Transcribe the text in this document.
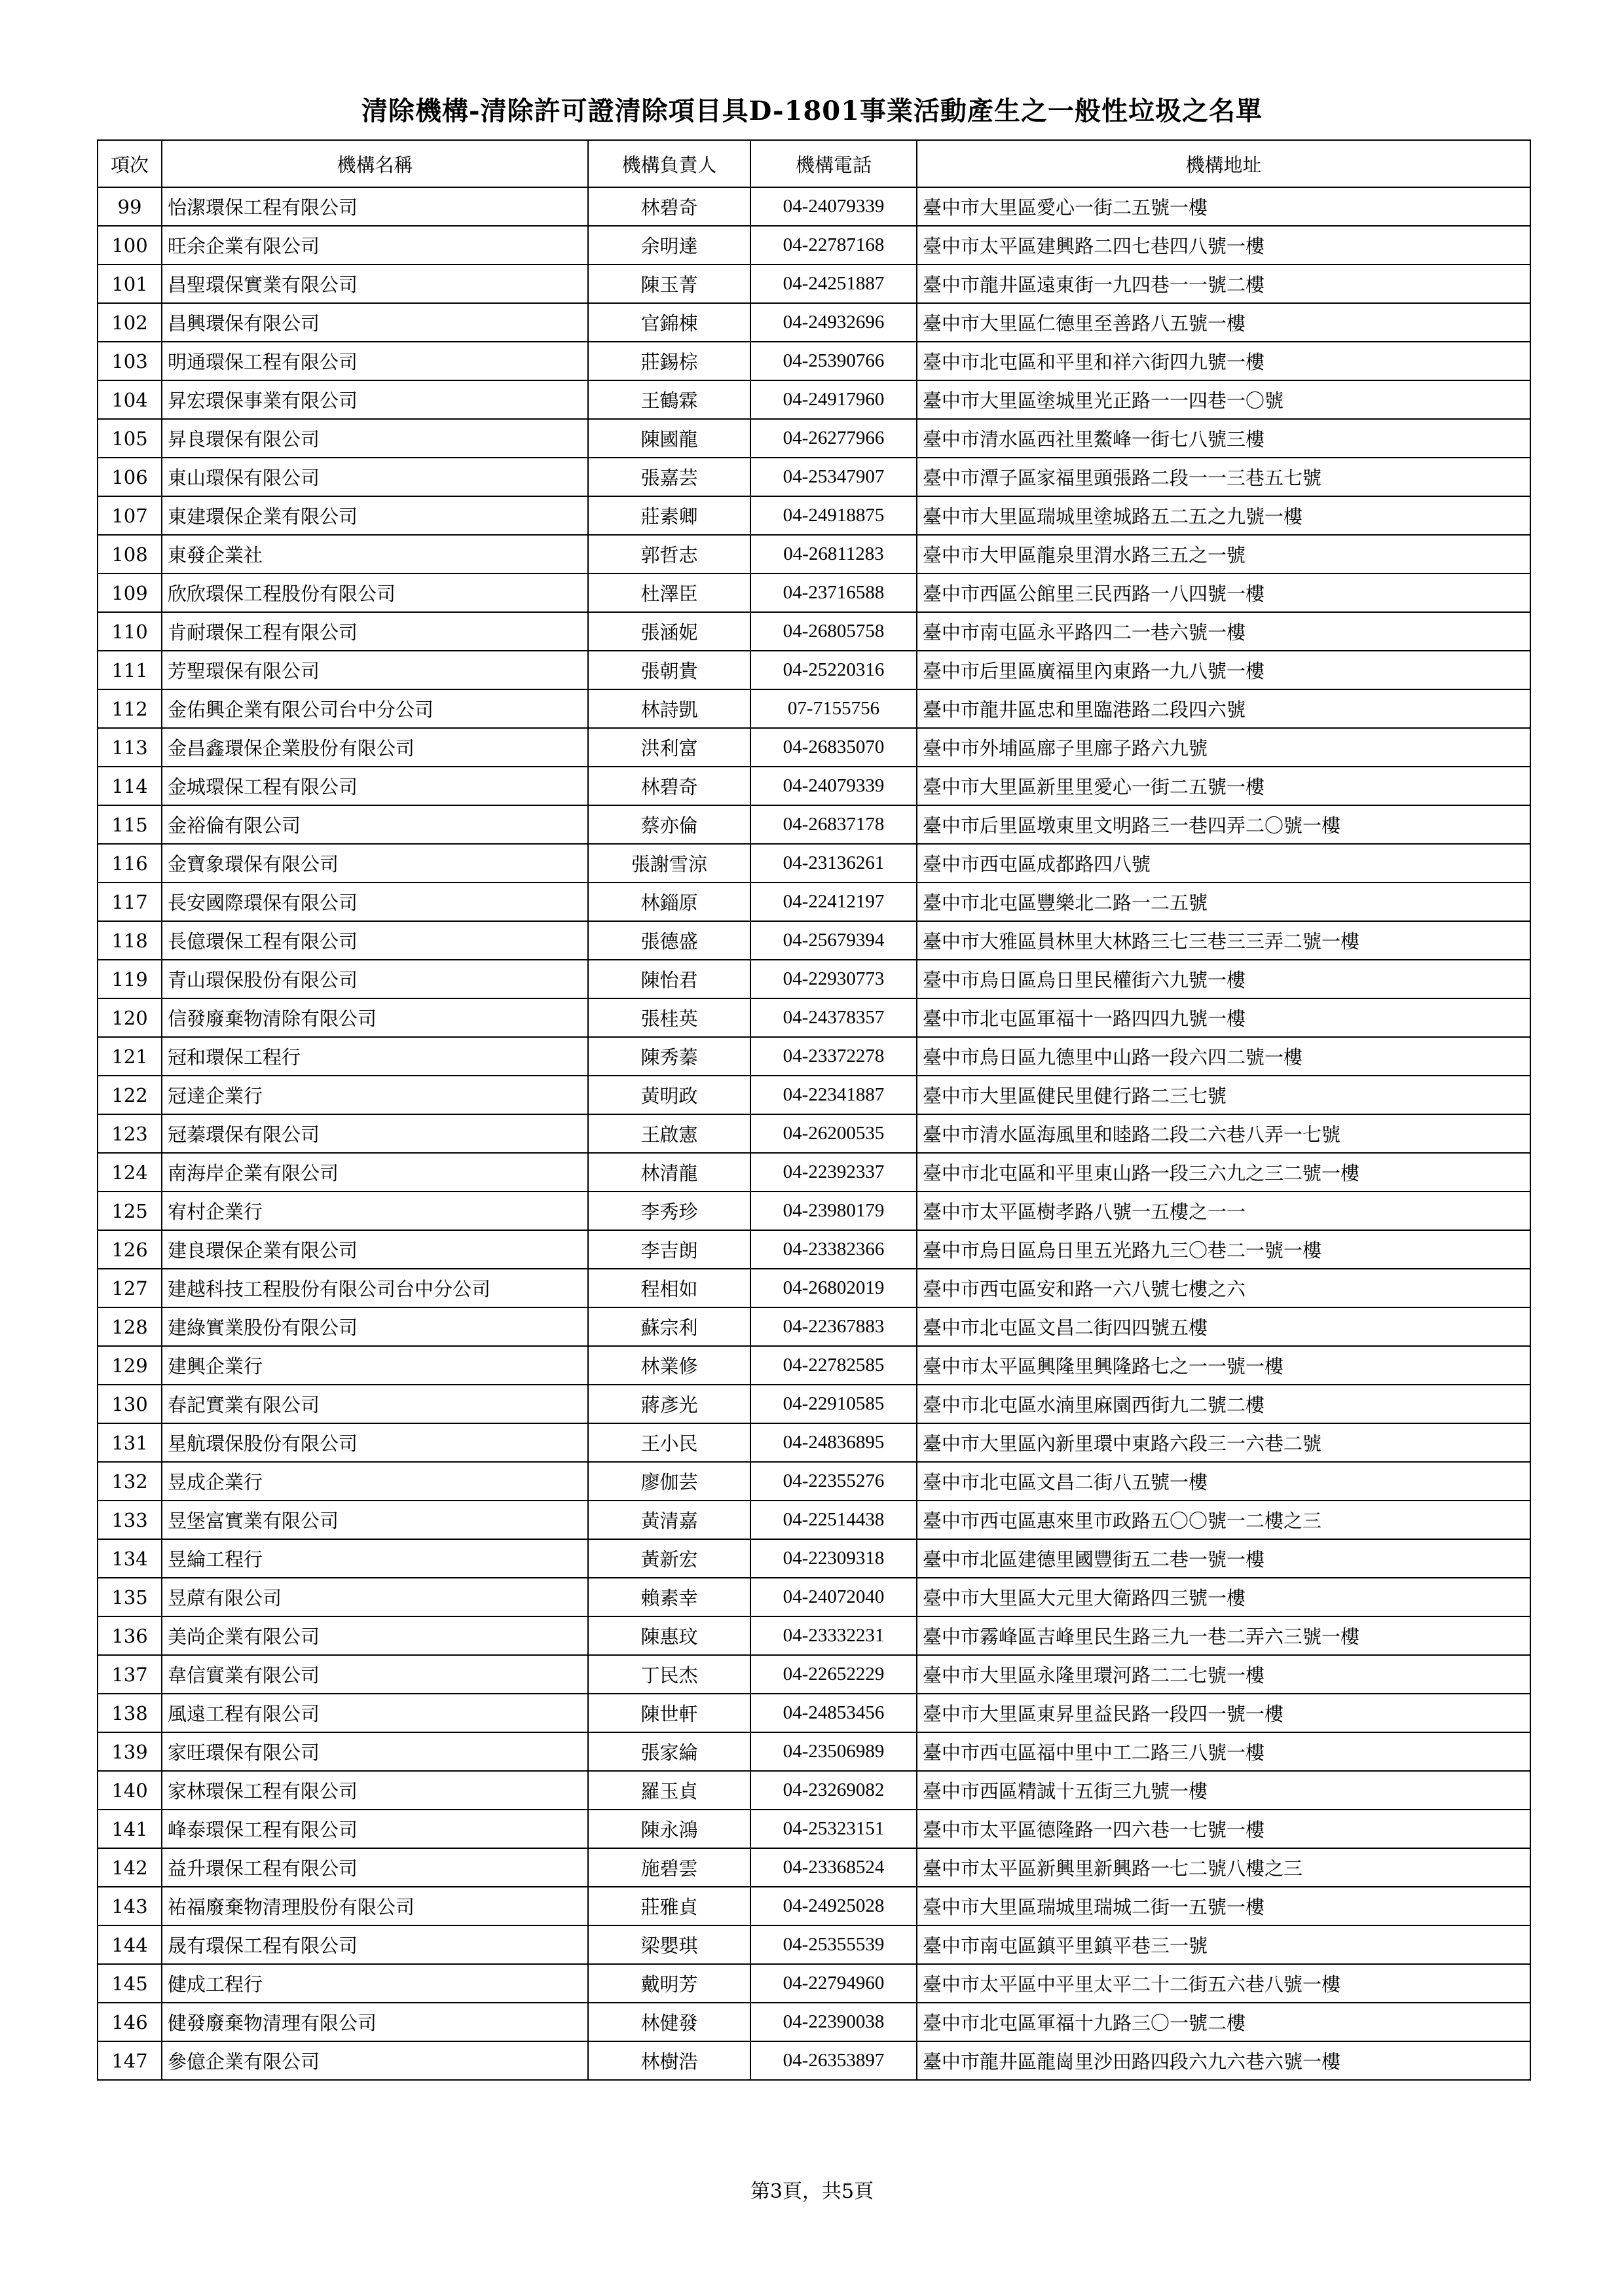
清除機構-清除許可證清除項目具D-1801事業活動產生之一般性垃圾之名單
項次	機構名稱	機構負責人	機構電話	機構地址
99	怡潔環保工程有限公司	林碧奇	04-24079339	臺中市大里區愛心一街二五號一樓
100	旺余企業有限公司	余明達	04-22787168	臺中市太平區建興路二四七巷四八號一樓
101	昌聖環保實業有限公司	陳玉菁	04-24251887	臺中市龍井區遠東街一九四巷一一號二樓
102	昌興環保有限公司	官錦棟	04-24932696	臺中市大里區仁德里至善路八五號一樓
103	明通環保工程有限公司	莊錫棕	04-25390766	臺中市北屯區和平里和祥六街四九號一樓
104	昇宏環保事業有限公司	王鶴霖	04-24917960	臺中市大里區塗城里光正路一一四巷一〇號
105	昇良環保有限公司	陳國龍	04-26277966	臺中市清水區西社里鰲峰一街七八號三樓
106	東山環保有限公司	張嘉芸	04-25347907	臺中市潭子區家福里頭張路二段一一三巷五七號
107	東建環保企業有限公司	莊素卿	04-24918875	臺中市大里區瑞城里塗城路五二五之九號一樓
108	東發企業社	郭哲志	04-26811283	臺中市大甲區龍泉里渭水路三五之一號
109	欣欣環保工程股份有限公司	杜澤臣	04-23716588	臺中市西區公館里三民西路一八四號一樓
110	肯耐環保工程有限公司	張涵妮	04-26805758	臺中市南屯區永平路四二一巷六號一樓
111	芳聖環保有限公司	張朝貴	04-25220316	臺中市后里區廣福里內東路一九八號一樓
112	金佑興企業有限公司台中分公司	林詩凱	07-7155756	臺中市龍井區忠和里臨港路二段四六號
113	金昌鑫環保企業股份有限公司	洪利富	04-26835070	臺中市外埔區廍子里廍子路六九號
114	金城環保工程有限公司	林碧奇	04-24079339	臺中市大里區新里里愛心一街二五號一樓
115	金裕倫有限公司	蔡亦倫	04-26837178	臺中市后里區墩東里文明路三一巷四弄二〇號一樓
116	金寶象環保有限公司	張謝雪涼	04-23136261	臺中市西屯區成都路四八號
117	長安國際環保有限公司	林錙原	04-22412197	臺中市北屯區豐樂北二路一二五號
118	長億環保工程有限公司	張德盛	04-25679394	臺中市大雅區員林里大林路三七三巷三三弄二號一樓
119	青山環保股份有限公司	陳怡君	04-22930773	臺中市烏日區烏日里民權街六九號一樓
120	信發廢棄物清除有限公司	張桂英	04-24378357	臺中市北屯區軍福十一路四四九號一樓
121	冠和環保工程行	陳秀蓁	04-23372278	臺中市烏日區九德里中山路一段六四二號一樓
122	冠達企業行	黃明政	04-22341887	臺中市大里區健民里健行路二三七號
123	冠蓁環保有限公司	王啟憲	04-26200535	臺中市清水區海風里和睦路二段二六巷八弄一七號
124	南海岸企業有限公司	林清龍	04-22392337	臺中市北屯區和平里東山路一段三六九之三二號一樓
125	宥村企業行	李秀珍	04-23980179	臺中市太平區樹孝路八號一五樓之一一
126	建良環保企業有限公司	李吉朗	04-23382366	臺中市烏日區烏日里五光路九三〇巷二一號一樓
127	建越科技工程股份有限公司台中分公司	程相如	04-26802019	臺中市西屯區安和路一六八號七樓之六
128	建綠實業股份有限公司	蘇宗利	04-22367883	臺中市北屯區文昌二街四四號五樓
129	建興企業行	林業修	04-22782585	臺中市太平區興隆里興隆路七之一一號一樓
130	春記實業有限公司	蔣彥光	04-22910585	臺中市北屯區水湳里麻園西街九二號二樓
131	星航環保股份有限公司	王小民	04-24836895	臺中市大里區內新里環中東路六段三一六巷二號
132	昱成企業行	廖伽芸	04-22355276	臺中市北屯區文昌二街八五號一樓
133	昱堡富實業有限公司	黃清嘉	04-22514438	臺中市西屯區惠來里市政路五〇〇號一二樓之三
134	昱綸工程行	黃新宏	04-22309318	臺中市北區建德里國豐街五二巷一號一樓
135	昱蒝有限公司	賴素幸	04-24072040	臺中市大里區大元里大衛路四三號一樓
136	美尚企業有限公司	陳惠玟	04-23332231	臺中市霧峰區吉峰里民生路三九一巷二弄六三號一樓
137	韋信實業有限公司	丁民杰	04-22652229	臺中市大里區永隆里環河路二二七號一樓
138	風遠工程有限公司	陳世軒	04-24853456	臺中市大里區東昇里益民路一段四一號一樓
139	家旺環保有限公司	張家綸	04-23506989	臺中市西屯區福中里中工二路三八號一樓
140	家林環保工程有限公司	羅玉貞	04-23269082	臺中市西區精誠十五街三九號一樓
141	峰泰環保工程有限公司	陳永鴻	04-25323151	臺中市太平區德隆路一四六巷一七號一樓
142	益升環保工程有限公司	施碧雲	04-23368524	臺中市太平區新興里新興路一七二號八樓之三
143	祐福廢棄物清理股份有限公司	莊雅貞	04-24925028	臺中市大里區瑞城里瑞城二街一五號一樓
144	晟有環保工程有限公司	梁嬰琪	04-25355539	臺中市南屯區鎮平里鎮平巷三一號
145	健成工程行	戴明芳	04-22794960	臺中市太平區中平里太平二十二街五六巷八號一樓
146	健發廢棄物清理有限公司	林健發	04-22390038	臺中市北屯區軍福十九路三〇一號二樓
147	參億企業有限公司	林樹浩	04-26353897	臺中市龍井區龍崗里沙田路四段六九六巷六號一樓
第3頁，共5頁
